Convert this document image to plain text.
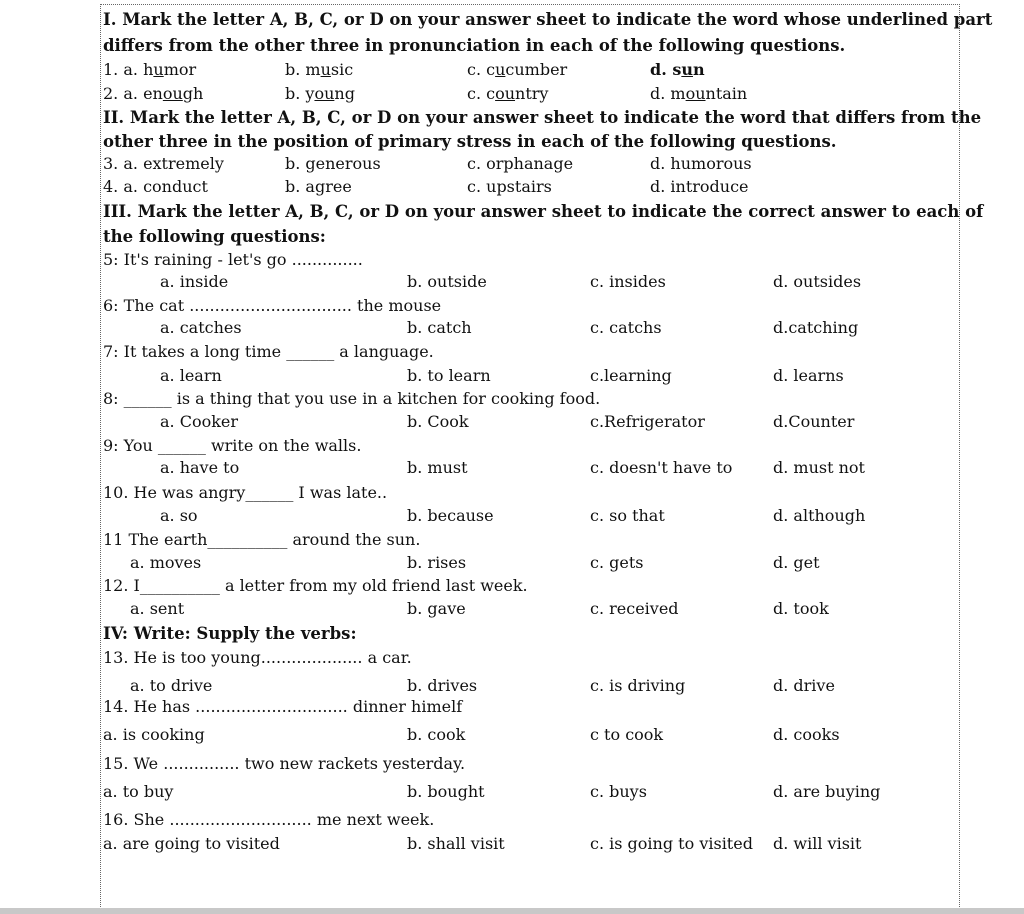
I. Mark the letter A, B, C, or D on your answer sheet to indicate the word whose underlined part
differs from the other three in pronunciation in each of the following questions.
1. a. humor	b. music	c. cucumber	d. sun
2. a. enough	b. young	c. country	d. mountain
II. Mark the letter A, B, C, or D on your answer sheet to indicate the word that differs from the
other three in the position of primary stress in each of the following questions.
3. a. extremely	b. generous	c. orphanage	d. humorous
4. a. conduct	b. agree	c. upstairs	d. introduce
III. Mark the letter A, B, C, or D on your answer sheet to indicate the correct answer to each of
the following questions:
5: It's raining - let's go ..............
a. inside	b. outside	c. insides	d. outsides
6: The cat ................................ the mouse
a. catches	b. catch	c. catchs	d.catching
7: It takes a long time ______ a language.
a. learn	b. to learn	c.learning	d. learns
8: ______ is a thing that you use in a kitchen for cooking food.
a. Cooker	b. Cook	c.Refrigerator	d.Counter
9: You ______ write on the walls.
a. have to	b. must	c. doesn't have to	d. must not
10. He was angry______ I was late..
a. so	b. because	c. so that	d. although
11 The earth__________ around the sun.
a. moves	b. rises	c. gets	d. get
12. I__________ a letter from my old friend last week.
a. sent	b. gave	c. received	d. took
IV: Write: Supply the verbs:
13. He is too young.................... a car.
a. to drive	b. drives	c. is driving	d. drive
14. He has .............................. dinner himelf
a. is cooking	b. cook	c to cook	d. cooks
15. We ............... two new rackets yesterday.
a. to buy	b. bought	c. buys	d. are buying
16. She ............................ me next week.
a. are going to visited	b. shall visit	c. is going to visited d. will visit
